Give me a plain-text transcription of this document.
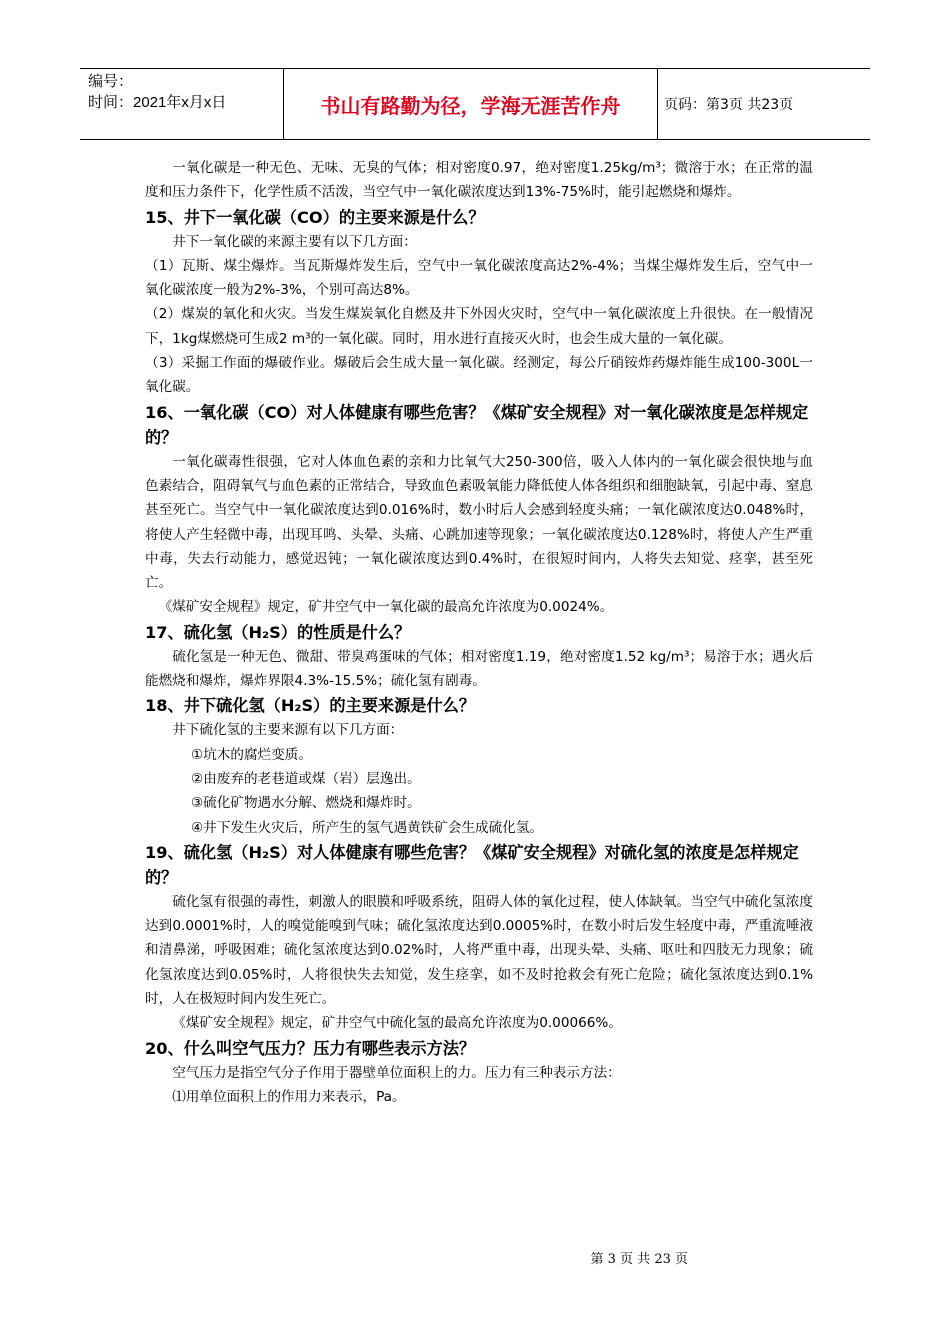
编号：
时间：2021年x月x日	书山有路勤为径，学海无涯苦作舟	页码：第3页 共23页

一氧化碳是一种无色、无味、无臭的气体；相对密度0.97，绝对密度1.25kg/m³；微溶于水；在正常的温度和压力条件下，化学性质不活泼，当空气中一氧化碳浓度达到13%-75%时，能引起燃烧和爆炸。

15、井下一氧化碳（CO）的主要来源是什么？

井下一氧化碳的来源主要有以下几方面：

（1）瓦斯、煤尘爆炸。当瓦斯爆炸发生后，空气中一氧化碳浓度高达2%-4%；当煤尘爆炸发生后，空气中一氧化碳浓度一般为2%-3%，个别可高达8%。

（2）煤炭的氧化和火灾。当发生煤炭氧化自燃及井下外因火灾时，空气中一氧化碳浓度上升很快。在一般情况下，1kg煤燃烧可生成2 m³的一氧化碳。同时，用水进行直接灭火时，也会生成大量的一氧化碳。

（3）采掘工作面的爆破作业。爆破后会生成大量一氧化碳。经测定，每公斤硝铵炸药爆炸能生成100-300L一氧化碳。

16、一氧化碳（CO）对人体健康有哪些危害？《煤矿安全规程》对一氧化碳浓度是怎样规定的？

一氧化碳毒性很强，它对人体血色素的亲和力比氧气大250-300倍，吸入人体内的一氧化碳会很快地与血色素结合，阻碍氧气与血色素的正常结合，导致血色素吸氧能力降低使人体各组织和细胞缺氧，引起中毒、窒息甚至死亡。当空气中一氧化碳浓度达到0.016%时，数小时后人会感到轻度头痛；一氧化碳浓度达0.048%时，将使人产生轻微中毒，出现耳鸣、头晕、头痛、心跳加速等现象；一氧化碳浓度达0.128%时，将使人产生严重中毒，失去行动能力，感觉迟钝；一氧化碳浓度达到0.4%时，在很短时间内，人将失去知觉、痉挛，甚至死亡。

《煤矿安全规程》规定，矿井空气中一氧化碳的最高允许浓度为0.0024%。

17、硫化氢（H₂S）的性质是什么？

硫化氢是一种无色、微甜、带臭鸡蛋味的气体；相对密度1.19，绝对密度1.52 kg/m³；易溶于水；遇火后能燃烧和爆炸，爆炸界限4.3%-15.5%；硫化氢有剧毒。

18、井下硫化氢（H₂S）的主要来源是什么？

井下硫化氢的主要来源有以下几方面：

①坑木的腐烂变质。

②由废弃的老巷道或煤（岩）层逸出。

③硫化矿物遇水分解、燃烧和爆炸时。

④井下发生火灾后，所产生的氢气遇黄铁矿会生成硫化氢。

19、硫化氢（H₂S）对人体健康有哪些危害？《煤矿安全规程》对硫化氢的浓度是怎样规定的？

硫化氢有很强的毒性，刺激人的眼膜和呼吸系统，阻碍人体的氧化过程，使人体缺氧。当空气中硫化氢浓度达到0.0001%时，人的嗅觉能嗅到气味；硫化氢浓度达到0.0005%时，在数小时后发生轻度中毒，严重流唾液和清鼻涕，呼吸困难；硫化氢浓度达到0.02%时，人将严重中毒，出现头晕、头痛、呕吐和四肢无力现象；硫化氢浓度达到0.05%时，人将很快失去知觉，发生痉挛，如不及时抢救会有死亡危险；硫化氢浓度达到0.1%时，人在极短时间内发生死亡。

《煤矿安全规程》规定，矿井空气中硫化氢的最高允许浓度为0.00066%。

20、什么叫空气压力？压力有哪些表示方法？

空气压力是指空气分子作用于器壁单位面积上的力。压力有三种表示方法：

⑴用单位面积上的作用力来表示，Pa。

第 3 页 共 23 页
